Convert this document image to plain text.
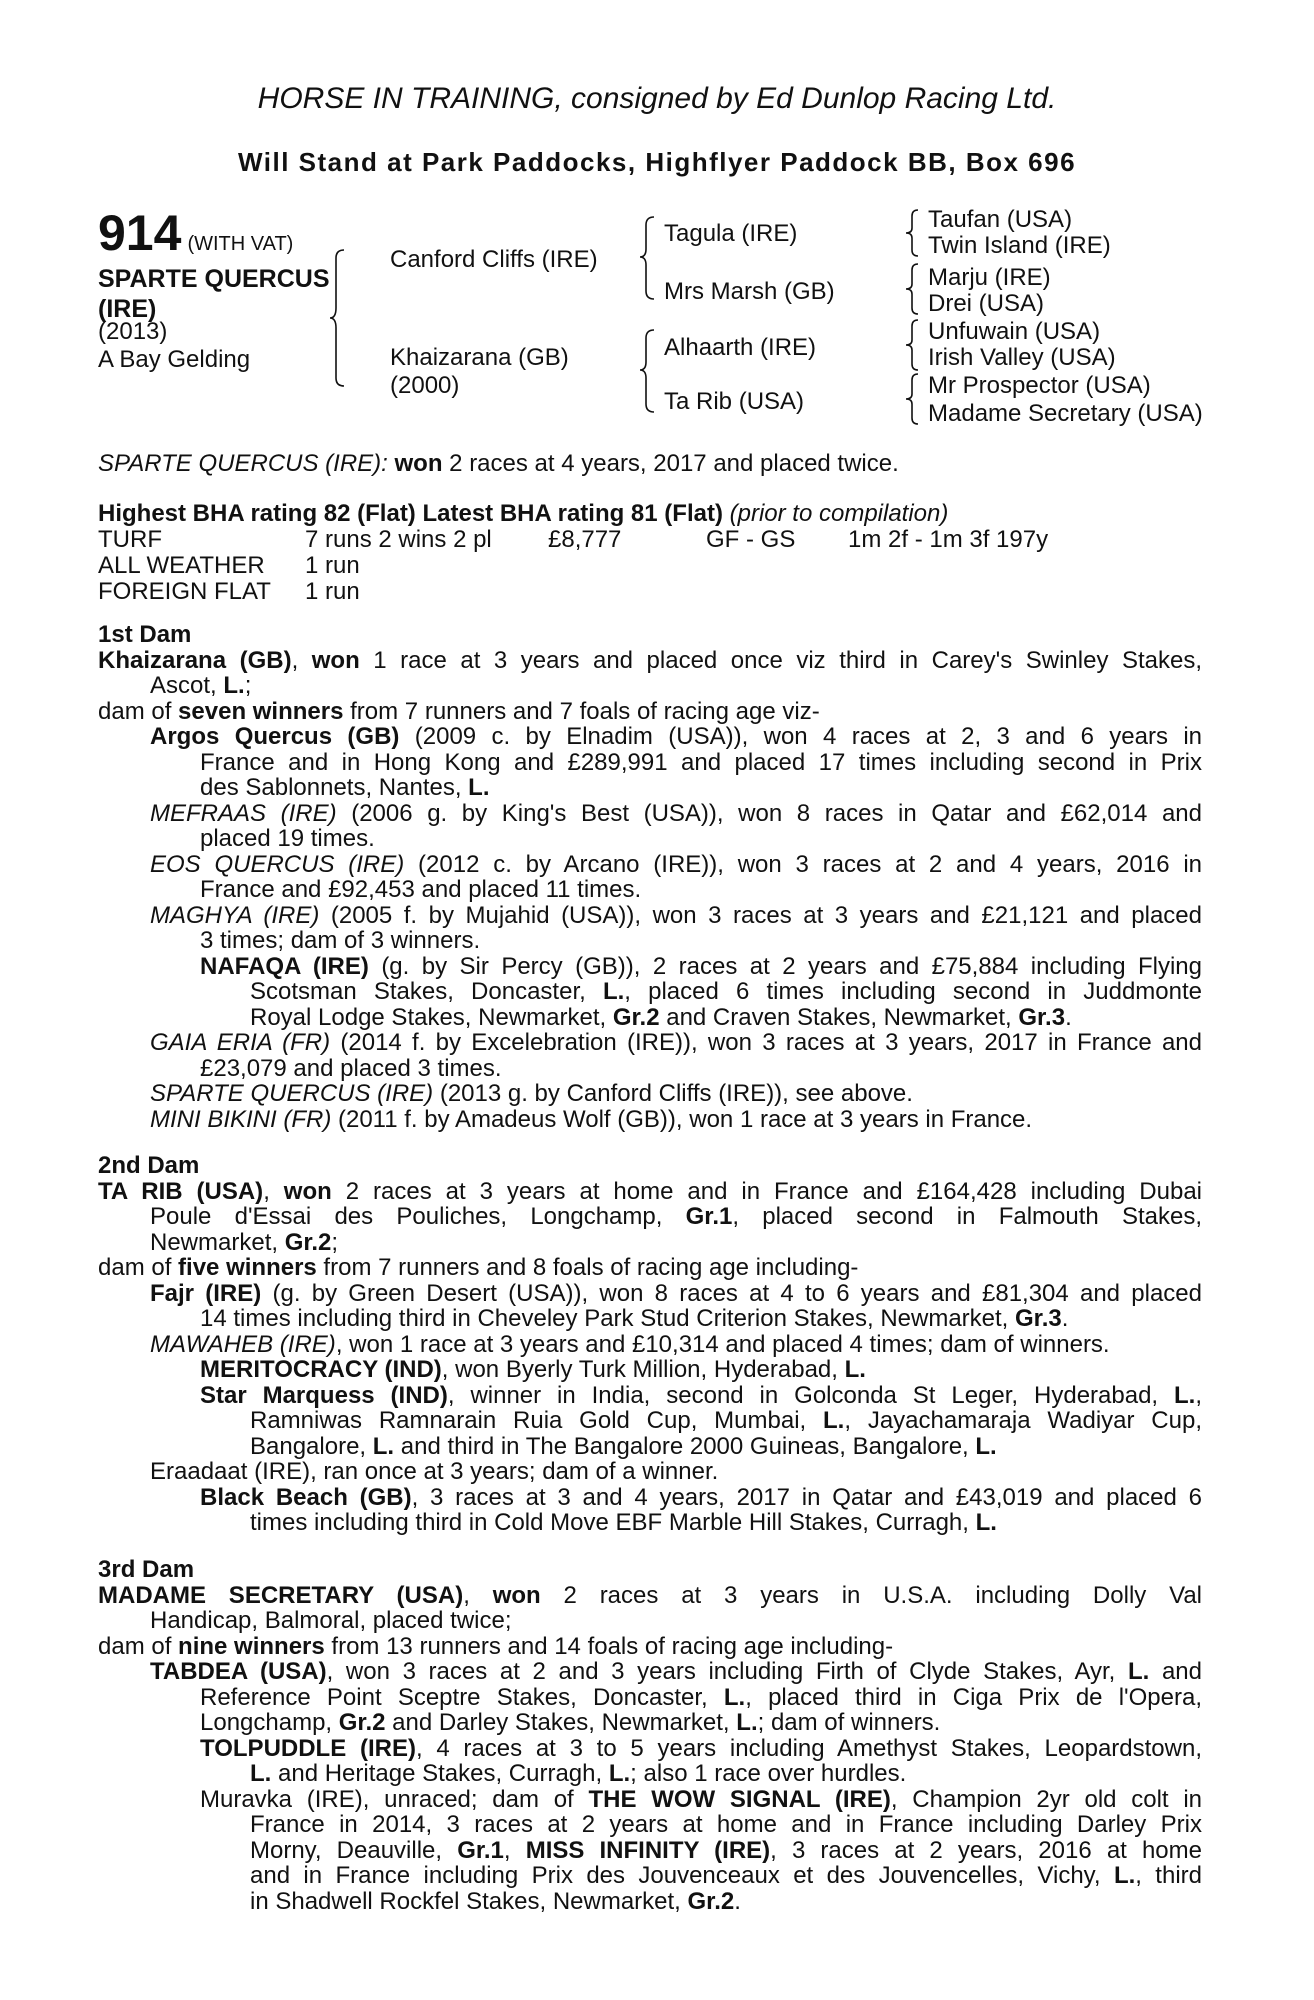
HORSE IN TRAINING, consigned by Ed Dunlop Racing Ltd.
Will Stand at Park Paddocks, Highflyer Paddock BB, Box 696
914 (WITH VAT)
SPARTE QUERCUS (IRE)
(2013)
A Bay Gelding
Canford Cliffs (IRE)
Khaizarana (GB)
(2000)
Tagula (IRE)
Mrs Marsh (GB)
Alhaarth (IRE)
Ta Rib (USA)
Taufan (USA)
Twin Island (IRE)
Marju (IRE)
Drei (USA)
Unfuwain (USA)
Irish Valley (USA)
Mr Prospector (USA)
Madame Secretary (USA)
SPARTE QUERCUS (IRE): won 2 races at 4 years, 2017 and placed twice.
Highest BHA rating 82 (Flat) Latest BHA rating 81 (Flat) (prior to compilation)
TURF	7 runs 2 wins 2 pl £8,777	GF - GS 1m 2f - 1m 3f 197y
ALL WEATHER 1 run
FOREIGN FLAT 1 run
1st Dam
Khaizarana (GB), won 1 race at 3 years and placed once viz third in Carey's Swinley Stakes,
Ascot, L.;
dam of seven winners from 7 runners and 7 foals of racing age viz-
Argos Quercus (GB) (2009 c. by Elnadim (USA)), won 4 races at 2, 3 and 6 years in
France and in Hong Kong and £289,991 and placed 17 times including second in Prix
des Sablonnets, Nantes, L.
MEFRAAS (IRE) (2006 g. by King's Best (USA)), won 8 races in Qatar and £62,014 and
placed 19 times.
EOS QUERCUS (IRE) (2012 c. by Arcano (IRE)), won 3 races at 2 and 4 years, 2016 in
France and £92,453 and placed 11 times.
MAGHYA (IRE) (2005 f. by Mujahid (USA)), won 3 races at 3 years and £21,121 and placed
3 times; dam of 3 winners.
NAFAQA (IRE) (g. by Sir Percy (GB)), 2 races at 2 years and £75,884 including Flying
Scotsman Stakes, Doncaster, L., placed 6 times including second in Juddmonte
Royal Lodge Stakes, Newmarket, Gr.2 and Craven Stakes, Newmarket, Gr.3.
GAIA ERIA (FR) (2014 f. by Excelebration (IRE)), won 3 races at 3 years, 2017 in France and
£23,079 and placed 3 times.
SPARTE QUERCUS (IRE) (2013 g. by Canford Cliffs (IRE)), see above.
MINI BIKINI (FR) (2011 f. by Amadeus Wolf (GB)), won 1 race at 3 years in France.
2nd Dam
TA RIB (USA), won 2 races at 3 years at home and in France and £164,428 including Dubai
Poule d'Essai des Pouliches, Longchamp, Gr.1, placed second in Falmouth Stakes,
Newmarket, Gr.2;
dam of five winners from 7 runners and 8 foals of racing age including-
Fajr (IRE) (g. by Green Desert (USA)), won 8 races at 4 to 6 years and £81,304 and placed
14 times including third in Cheveley Park Stud Criterion Stakes, Newmarket, Gr.3.
MAWAHEB (IRE), won 1 race at 3 years and £10,314 and placed 4 times; dam of winners.
MERITOCRACY (IND), won Byerly Turk Million, Hyderabad, L.
Star Marquess (IND), winner in India, second in Golconda St Leger, Hyderabad, L.,
Ramniwas Ramnarain Ruia Gold Cup, Mumbai, L., Jayachamaraja Wadiyar Cup,
Bangalore, L. and third in The Bangalore 2000 Guineas, Bangalore, L.
Eraadaat (IRE), ran once at 3 years; dam of a winner.
Black Beach (GB), 3 races at 3 and 4 years, 2017 in Qatar and £43,019 and placed 6
times including third in Cold Move EBF Marble Hill Stakes, Curragh, L.
3rd Dam
MADAME SECRETARY (USA), won 2 races at 3 years in U.S.A. including Dolly Val
Handicap, Balmoral, placed twice;
dam of nine winners from 13 runners and 14 foals of racing age including-
TABDEA (USA), won 3 races at 2 and 3 years including Firth of Clyde Stakes, Ayr, L. and
Reference Point Sceptre Stakes, Doncaster, L., placed third in Ciga Prix de l'Opera,
Longchamp, Gr.2 and Darley Stakes, Newmarket, L.; dam of winners.
TOLPUDDLE (IRE), 4 races at 3 to 5 years including Amethyst Stakes, Leopardstown,
L. and Heritage Stakes, Curragh, L.; also 1 race over hurdles.
Muravka (IRE), unraced; dam of THE WOW SIGNAL (IRE), Champion 2yr old colt in
France in 2014, 3 races at 2 years at home and in France including Darley Prix
Morny, Deauville, Gr.1, MISS INFINITY (IRE), 3 races at 2 years, 2016 at home
and in France including Prix des Jouvenceaux et des Jouvencelles, Vichy, L., third
in Shadwell Rockfel Stakes, Newmarket, Gr.2.
